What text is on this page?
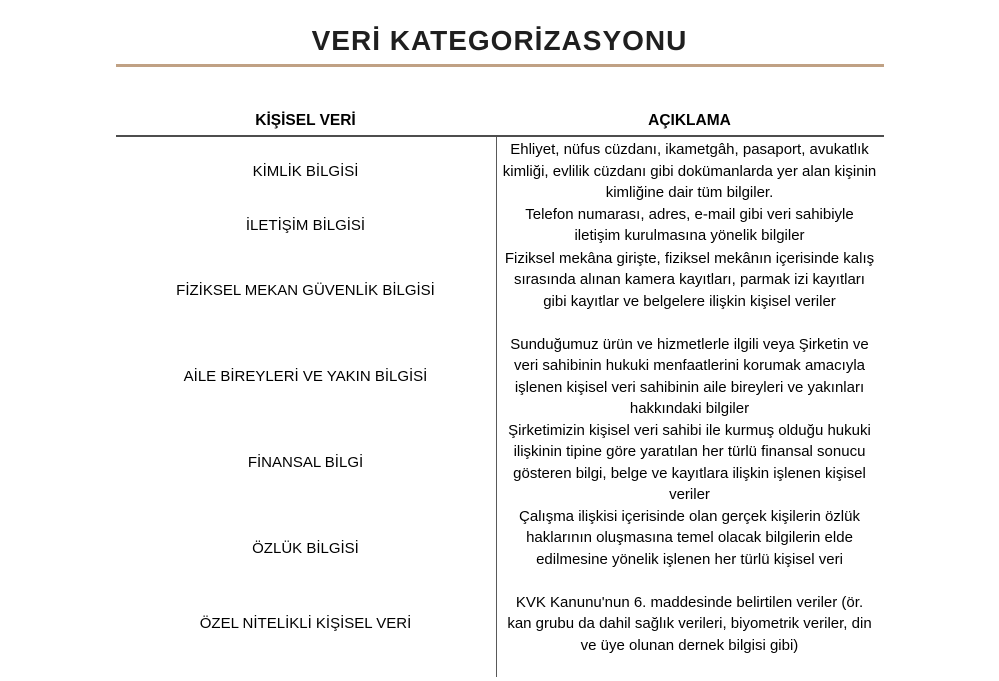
VERİ KATEGORİZASYONU
KİŞİSEL VERİ	AÇIKLAMA
KİMLİK BİLGİSİ
Ehliyet, nüfus cüzdanı, ikametgâh, pasaport, avukatlık kimliği, evlilik cüzdanı gibi dokümanlarda yer alan kişinin kimliğine dair tüm bilgiler.
İLETİŞİM BİLGİSİ
Telefon numarası, adres, e-mail gibi veri sahibiyle iletişim kurulmasına yönelik bilgiler
FİZİKSEL MEKAN GÜVENLİK BİLGİSİ
Fiziksel mekâna girişte, fiziksel mekânın içerisinde kalış sırasında alınan kamera kayıtları, parmak izi kayıtları gibi kayıtlar ve belgelere ilişkin kişisel veriler
AİLE BİREYLERİ VE YAKIN BİLGİSİ
Sunduğumuz ürün ve hizmetlerle ilgili veya Şirketin ve veri sahibinin hukuki menfaatlerini korumak amacıyla işlenen kişisel veri sahibinin aile bireyleri ve yakınları hakkındaki bilgiler
FİNANSAL BİLGİ
Şirketimizin kişisel veri sahibi ile kurmuş olduğu hukuki ilişkinin tipine göre yaratılan her türlü finansal sonucu gösteren bilgi, belge ve kayıtlara ilişkin işlenen kişisel veriler
ÖZLÜK BİLGİSİ
Çalışma ilişkisi içerisinde olan gerçek kişilerin özlük haklarının oluşmasına temel olacak bilgilerin elde edilmesine yönelik işlenen her türlü kişisel veri
ÖZEL NİTELİKLİ KİŞİSEL VERİ
KVK Kanunu'nun 6. maddesinde belirtilen veriler (ör. kan grubu da dahil sağlık verileri, biyometrik veriler, din ve üye olunan dernek bilgisi gibi)
